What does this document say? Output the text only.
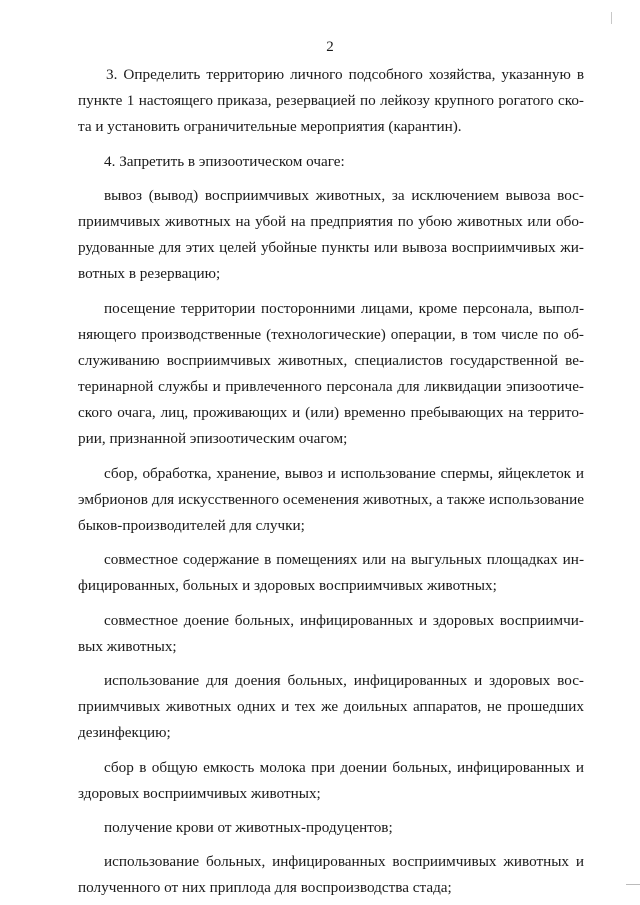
2
3. Определить территорию личного подсобного хозяйства, указанную в
пункте 1 настоящего приказа, резервацией по лейкозу крупного рогатого ско-
та и установить ограничительные мероприятия (карантин).
4. Запретить в эпизоотическом очаге:
вывоз (вывод) восприимчивых животных, за исключением вывоза вос-
приимчивых животных на убой на предприятия по убою животных или обо-
рудованные для этих целей убойные пункты или вывоза восприимчивых жи-
вотных в резервацию;
посещение территории посторонними лицами, кроме персонала, выпол-
няющего производственные (технологические) операции, в том числе по об-
служиванию восприимчивых животных, специалистов государственной ве-
теринарной службы и привлеченного персонала для ликвидации эпизоотиче-
ского очага, лиц, проживающих и (или) временно пребывающих на террито-
рии, признанной эпизоотическим очагом;
сбор, обработка, хранение, вывоз и использование спермы, яйцеклеток и
эмбрионов для искусственного осеменения животных, а также использование
быков-производителей для случки;
совместное содержание в помещениях или на выгульных площадках ин-
фицированных, больных и здоровых восприимчивых животных;
совместное доение больных, инфицированных и здоровых восприимчи-
вых животных;
использование для доения больных, инфицированных и здоровых вос-
приимчивых животных одних и тех же доильных аппаратов, не прошедших
дезинфекцию;
сбор в общую емкость молока при доении больных, инфицированных и
здоровых восприимчивых животных;
получение крови от животных-продуцентов;
использование больных, инфицированных восприимчивых животных и
полученного от них приплода для воспроизводства стада;
